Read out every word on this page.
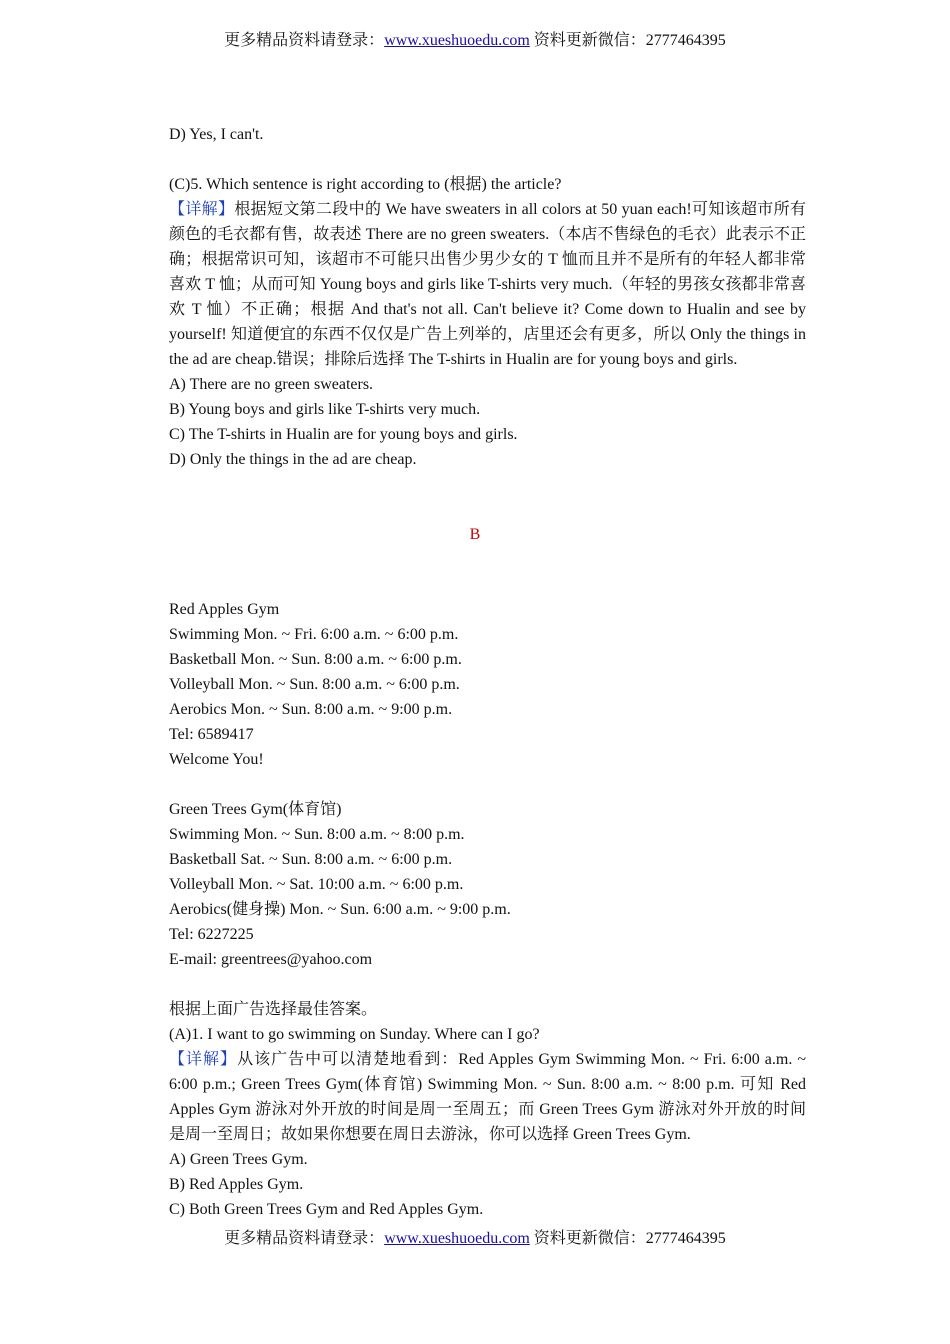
更多精品资料请登录：www.xueshuoedu.com 资料更新微信：2777464395

D) Yes, I can't.

(C)5. Which sentence is right according to (根据) the article?

【详解】根据短文第二段中的 We have sweaters in all colors at 50 yuan each!可知该超市所有颜色的毛衣都有售，故表述 There are no green sweaters.（本店不售绿色的毛衣）此表示不正确；根据常识可知，该超市不可能只出售少男少女的 T 恤而且并不是所有的年轻人都非常喜欢 T 恤；从而可知 Young boys and girls like T-shirts very much.（年轻的男孩女孩都非常喜欢 T 恤）不正确；根据 And that's not all. Can't believe it? Come down to Hualin and see by yourself! 知道便宜的东西不仅仅是广告上列举的，店里还会有更多，所以 Only the things in the ad are cheap.错误；排除后选择 The T-shirts in Hualin are for young boys and girls.

A) There are no green sweaters.

B) Young boys and girls like T-shirts very much.

C) The T-shirts in Hualin are for young boys and girls.

D) Only the things in the ad are cheap.

B

Red Apples Gym

Swimming Mon. ~ Fri. 6:00 a.m. ~ 6:00 p.m.

Basketball Mon. ~ Sun. 8:00 a.m. ~ 6:00 p.m.

Volleyball Mon. ~ Sun. 8:00 a.m. ~ 6:00 p.m.

Aerobics Mon. ~ Sun. 8:00 a.m. ~ 9:00 p.m.

Tel: 6589417

Welcome You!

Green Trees Gym(体育馆)

Swimming Mon. ~ Sun. 8:00 a.m. ~ 8:00 p.m.

Basketball Sat. ~ Sun. 8:00 a.m. ~ 6:00 p.m.

Volleyball Mon. ~ Sat. 10:00 a.m. ~ 6:00 p.m.

Aerobics(健身操) Mon. ~ Sun. 6:00 a.m. ~ 9:00 p.m.

Tel: 6227225

E-mail: greentrees@yahoo.com

根据上面广告选择最佳答案。

(A)1. I want to go swimming on Sunday. Where can I go?

【详解】从该广告中可以清楚地看到：Red Apples Gym Swimming Mon. ~ Fri. 6:00 a.m. ~ 6:00 p.m.; Green Trees Gym(体育馆) Swimming Mon. ~ Sun. 8:00 a.m. ~ 8:00 p.m. 可知 Red Apples Gym 游泳对外开放的时间是周一至周五；而 Green Trees Gym 游泳对外开放的时间是周一至周日；故如果你想要在周日去游泳，你可以选择 Green Trees Gym.

A) Green Trees Gym.

B) Red Apples Gym.

C) Both Green Trees Gym and Red Apples Gym.

更多精品资料请登录：www.xueshuoedu.com 资料更新微信：2777464395
